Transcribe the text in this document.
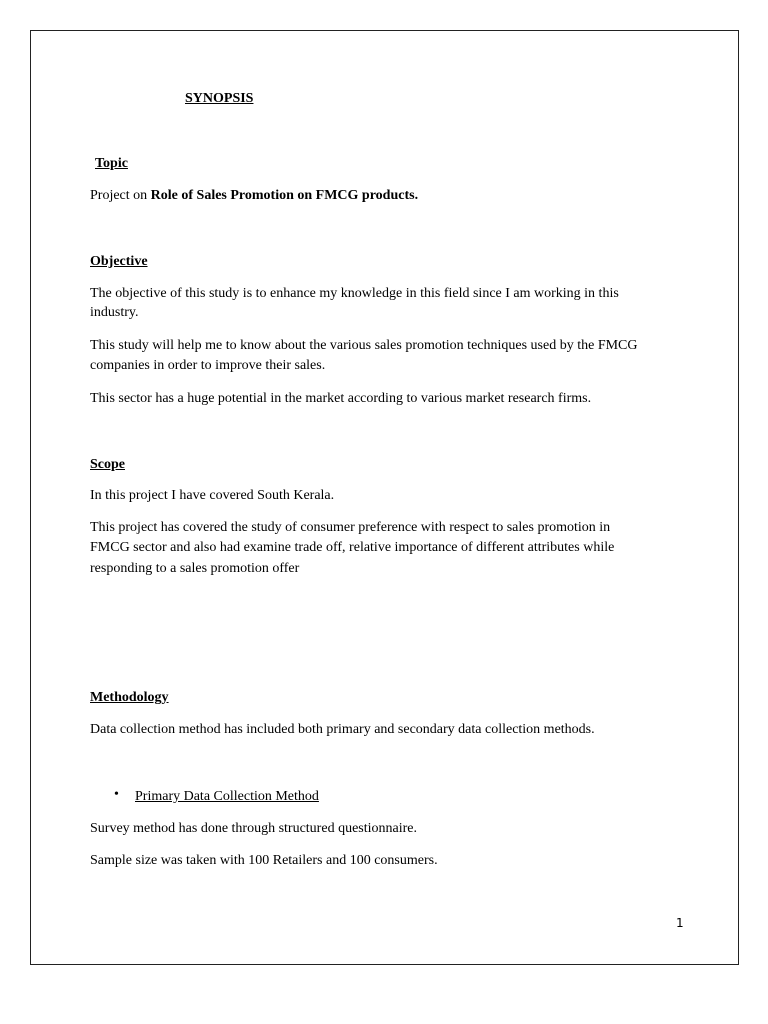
SYNOPSIS
Topic
Project on Role of Sales Promotion on FMCG products.
Objective
The objective of this study is to enhance my knowledge in this field since I am working in this
industry.
This study will help me to know about the various sales promotion techniques used by the FMCG
companies in order to improve their sales.
This sector has a huge potential in the market according to various market research firms.
Scope
In this project I have covered South Kerala.
This project has covered the study of consumer preference with respect to sales promotion in
FMCG sector and also had examine trade off, relative importance of different attributes while
responding to a sales promotion offer
Methodology
Data collection method has included both primary and secondary data collection methods.
• Primary Data Collection Method
Survey method has done through structured questionnaire.
Sample size was taken with 100 Retailers and 100 consumers.
1
